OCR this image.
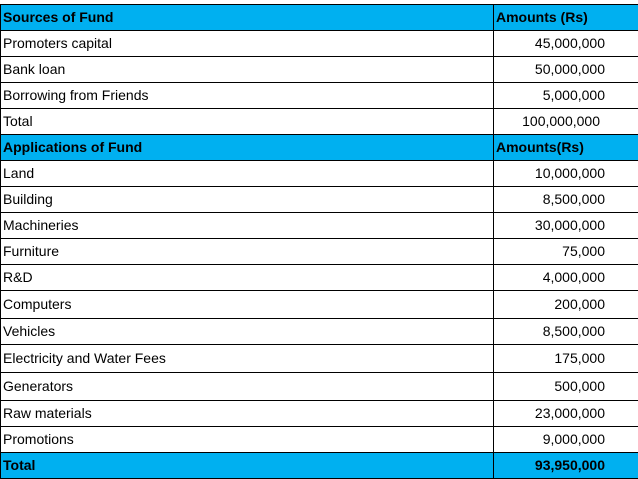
Sources of Fund	Amounts (Rs)
Promoters capital	45,000,000
Bank loan	50,000,000
Borrowing from Friends	5,000,000
Total	100,000,000
Applications of Fund	Amounts(Rs)
Land	10,000,000
Building	8,500,000
Machineries	30,000,000
Furniture	75,000
R&D	4,000,000
Computers	200,000
Vehicles	8,500,000
Electricity and Water Fees	175,000
Generators	500,000
Raw materials	23,000,000
Promotions	9,000,000
Total	93,950,000
